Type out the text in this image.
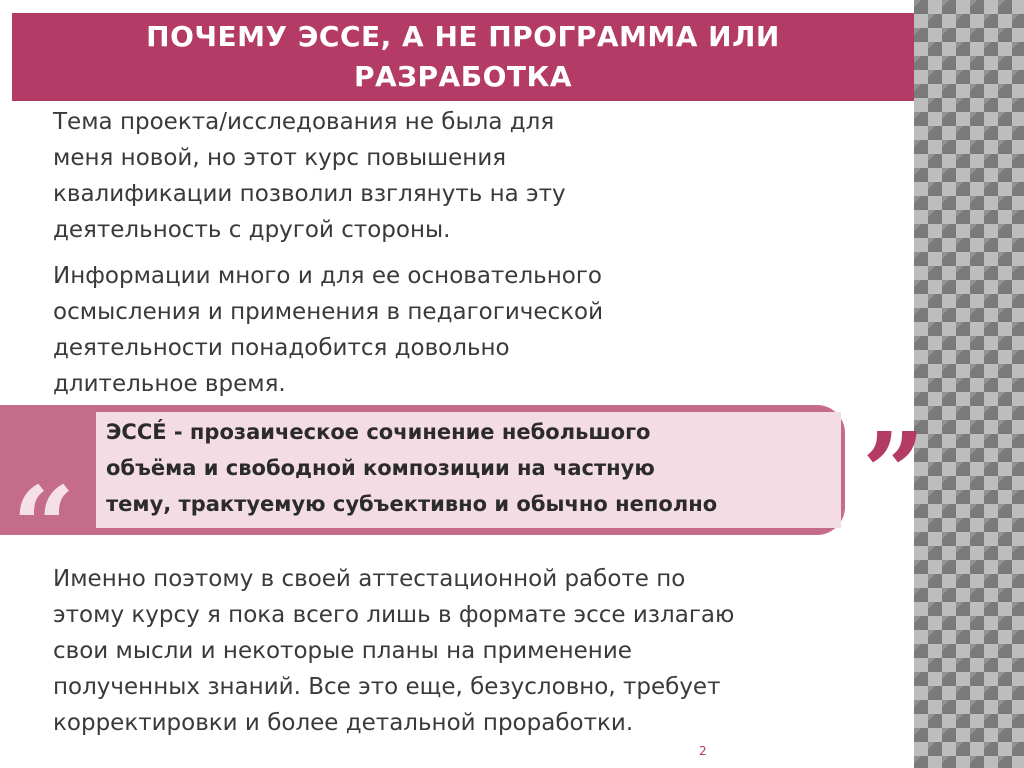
ПОЧЕМУ ЭССЕ, А НЕ ПРОГРАММА ИЛИ
РАЗРАБОТКА

Тема проекта/исследования не была для
меня новой, но этот курс повышения
квалификации позволил взглянуть на эту
деятельность с другой стороны.

Информации много и для ее основательного
осмысления и применения в педагогической
деятельности понадобится довольно
длительное время.

ЭССÉ - прозаическое сочинение небольшого
объёма и свободной композиции на частную
тему, трактуемую субъективно и обычно неполно

“	”

Именно поэтому в своей аттестационной работе по
этому курсу я пока всего лишь в формате эссе излагаю
свои мысли и некоторые планы на применение
полученных знаний. Все это еще, безусловно, требует
корректировки и более детальной проработки.

2
